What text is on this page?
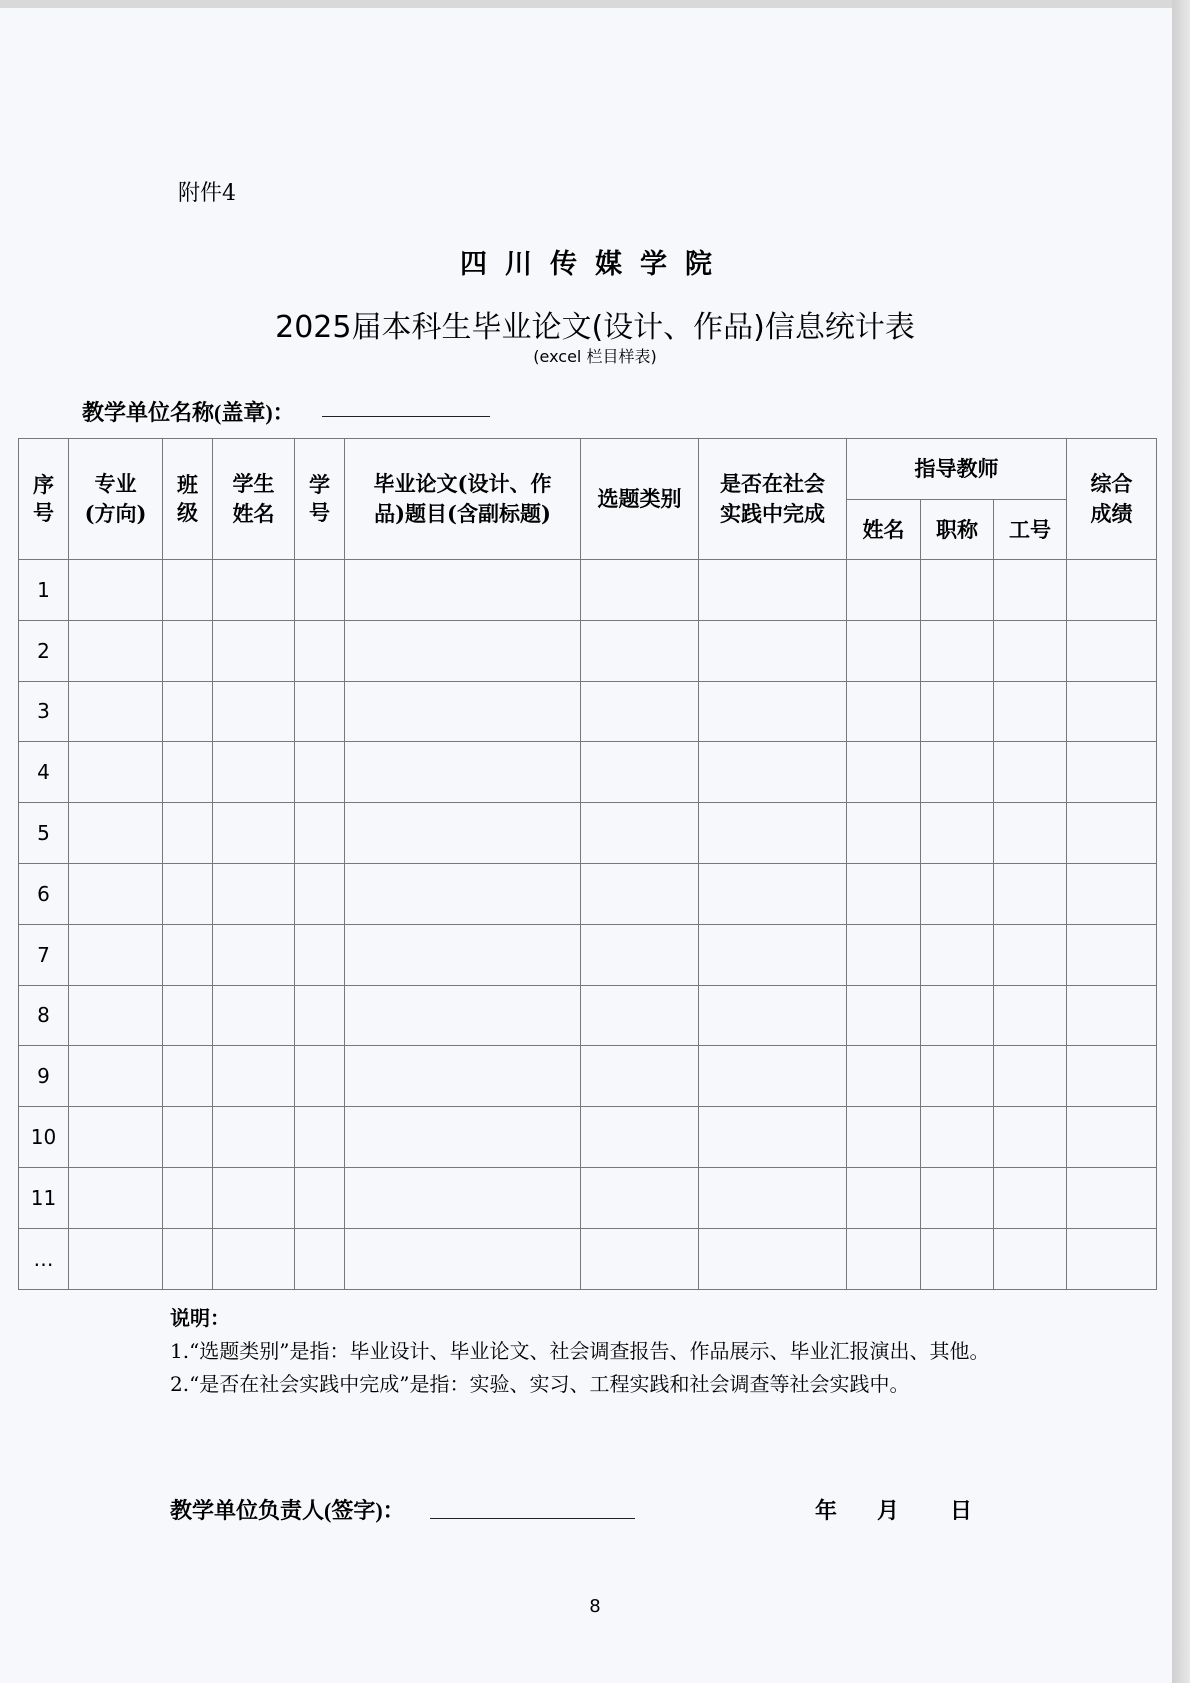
附件4
四川传媒学院
2025届本科生毕业论文(设计、作品)信息统计表
(excel 栏目样表)
教学单位名称(盖章)：
序号	专业(方向)	班级	学生姓名	学号	毕业论文(设计、作品)题目(含副标题)	选题类别	是否在社会实践中完成	指导教师			综合成绩
								姓名	职称	工号	
1											
2											
3											
4											
5											
6											
7											
8											
9											
10											
11											
…											
说明：
1.“选题类别”是指：毕业设计、毕业论文、社会调查报告、作品展示、毕业汇报演出、其他。
2.“是否在社会实践中完成”是指：实验、实习、工程实践和社会调查等社会实践中。
教学单位负责人(签字)：	年 月 日
8
